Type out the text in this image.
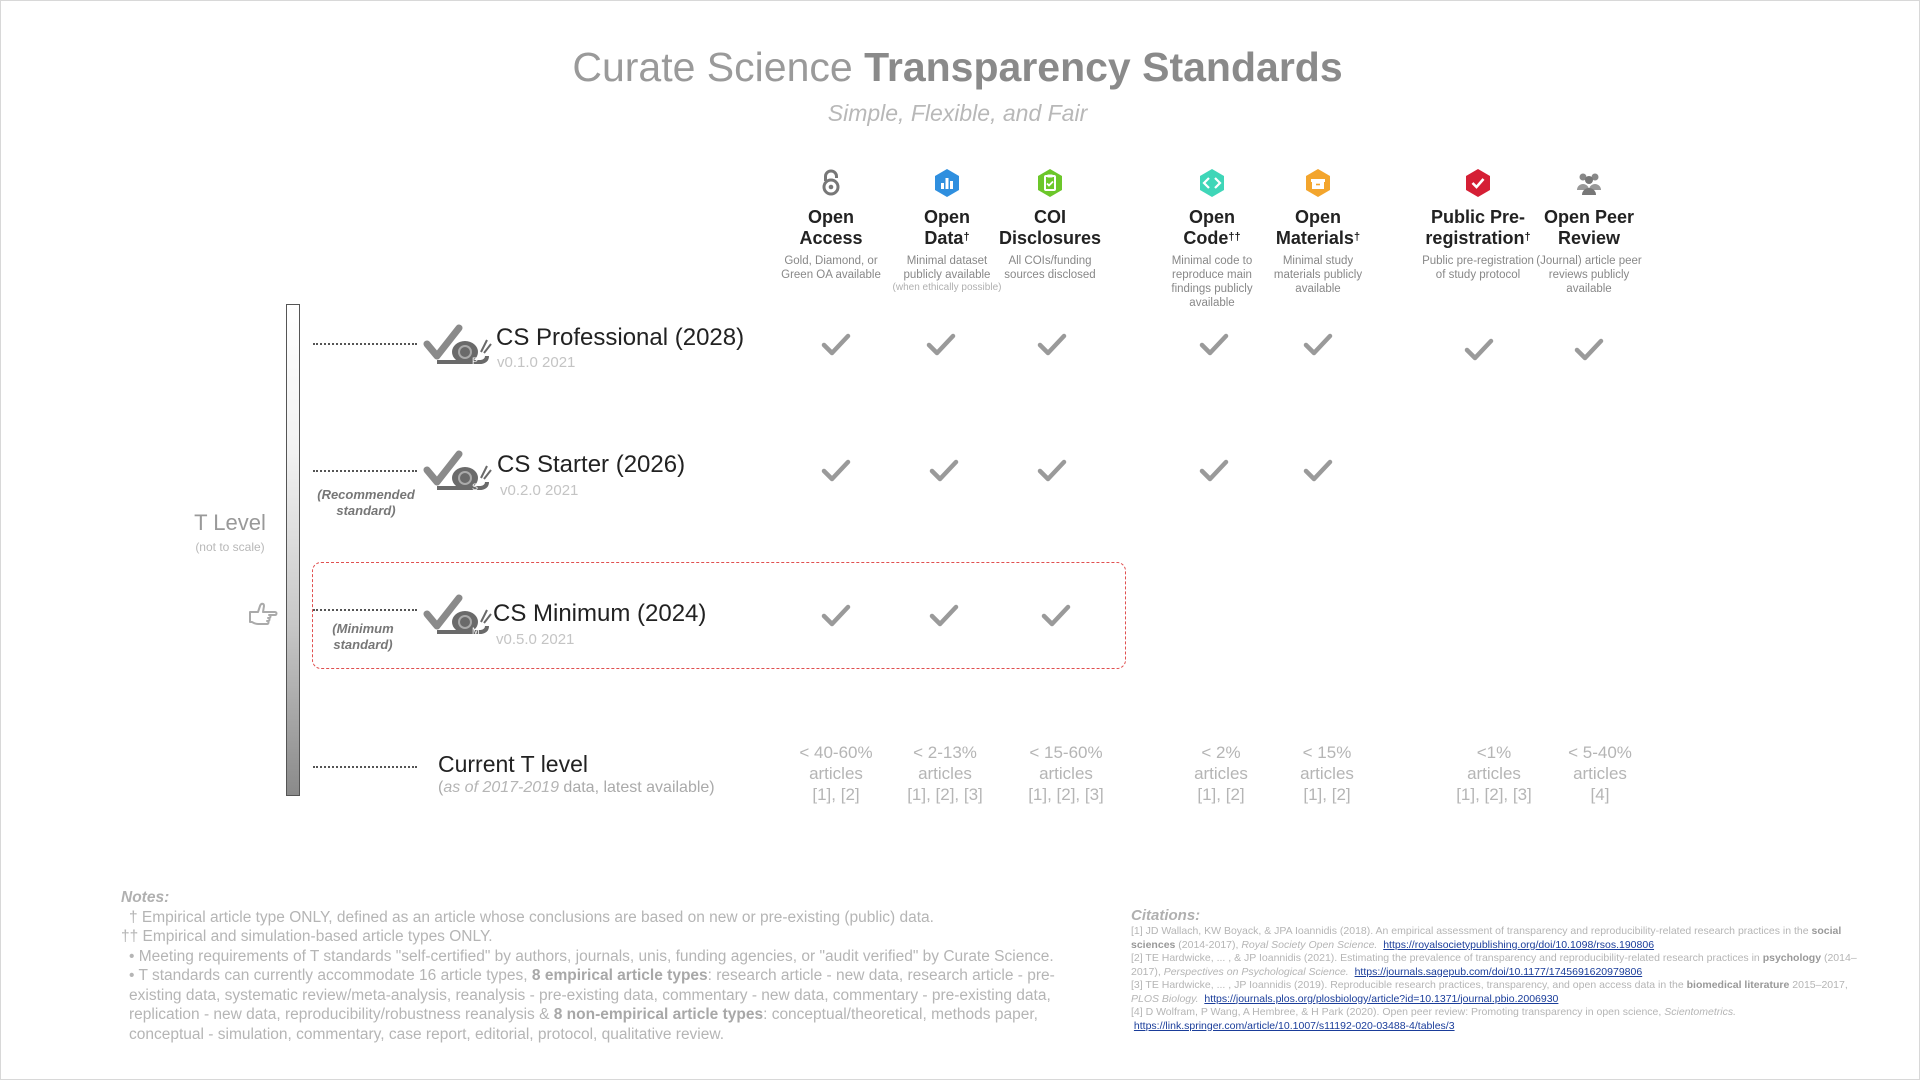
Curate Science Transparency Standards
Simple, Flexible, and Fair
Open
Access
Gold, Diamond, or Green OA available
Open
Data†
Minimal dataset publicly available
(when ethically possible)
COI
Disclosures
All COIs/funding sources disclosed
Open
Code††
Minimal code to reproduce main findings publicly available
Open
Materials†
Minimal study materials publicly available
Public Pre-
registration†
Public pre-registration of study protocol
Open Peer
Review
(Journal) article peer reviews publicly available
T Level
(not to scale)
P
CS Professional (2028)
v0.1.0 2021
S
CS Starter (2026)
v0.2.0 2021
(Recommended standard)
M
CS Minimum (2024)
v0.5.0 2021
(Minimum standard)
Current T level
(as of 2017-2019 data, latest available)
< 40-60%
articles
[1], [2]
< 2-13%
articles
[1], [2], [3]
< 15-60%
articles
[1], [2], [3]
< 2%
articles
[1], [2]
< 15%
articles
[1], [2]
<1%
articles
[1], [2], [3]
< 5-40%
articles
[4]
Notes:
† Empirical article type ONLY, defined as an article whose conclusions are based on new or pre-existing (public) data.
†† Empirical and simulation-based article types ONLY.
• Meeting requirements of T standards "self-certified" by authors, journals, unis, funding agencies, or "audit verified" by Curate Science.
• T standards can currently accommodate 16 article types, 8 empirical article types: research article - new data, research article - pre-existing data, systematic review/meta-analysis, reanalysis - pre-existing data, commentary - new data, commentary - pre-existing data, replication - new data, reproducibility/robustness reanalysis & 8 non-empirical article types: conceptual/theoretical, methods paper, conceptual - simulation, commentary, case report, editorial, protocol, qualitative review.
Citations:
[1] JD Wallach, KW Boyack, & JPA Ioannidis (2018). An empirical assessment of transparency and reproducibility-related research practices in the social sciences (2014-2017), Royal Society Open Science. https://royalsocietypublishing.org/doi/10.1098/rsos.190806
[2] TE Hardwicke, ... , & JP Ioannidis (2021). Estimating the prevalence of transparency and reproducibility-related research practices in psychology (2014–2017), Perspectives on Psychological Science. https://journals.sagepub.com/doi/10.1177/1745691620979806
[3] TE Hardwicke, ... , JP Ioannidis (2019). Reproducible research practices, transparency, and open access data in the biomedical literature 2015–2017, PLOS Biology. https://journals.plos.org/plosbiology/article?id=10.1371/journal.pbio.2006930
[4] D Wolfram, P Wang, A Hembree, & H Park (2020). Open peer review: Promoting transparency in open science, Scientometrics.  https://link.springer.com/article/10.1007/s11192-020-03488-4/tables/3
